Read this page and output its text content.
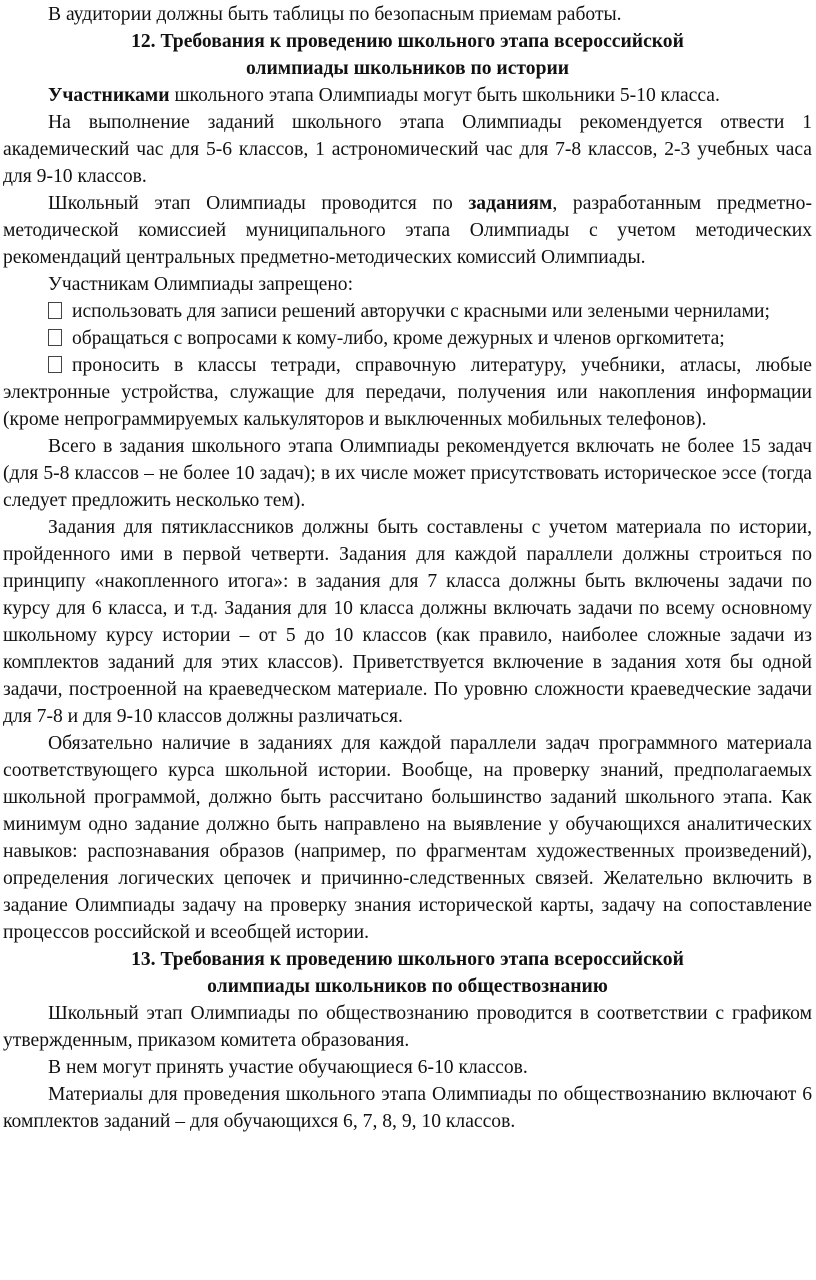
В аудитории должны быть таблицы по безопасным приемам работы.

12. Требования к проведению школьного этапа всероссийской
олимпиады школьников по истории

Участниками школьного этапа Олимпиады могут быть школьники 5-10 класса.

На выполнение заданий школьного этапа Олимпиады рекомендуется отвести 1 академический час для 5-6 классов, 1 астрономический час для 7-8 классов, 2-3 учебных часа для 9-10 классов.

Школьный этап Олимпиады проводится по заданиям, разработанным предметно-методической комиссией муниципального этапа Олимпиады с учетом методических рекомендаций центральных предметно-методических комиссий Олимпиады.

Участникам Олимпиады запрещено:

использовать для записи решений авторучки с красными или зелеными чернилами;

обращаться с вопросами к кому-либо, кроме дежурных и членов оргкомитета;

проносить в классы тетради, справочную литературу, учебники, атласы, любые электронные устройства, служащие для передачи, получения или накопления информации (кроме непрограммируемых калькуляторов и выключенных мобильных телефонов).

Всего в задания школьного этапа Олимпиады рекомендуется включать не более 15 задач (для 5-8 классов – не более 10 задач); в их числе может присутствовать историческое эссе (тогда следует предложить несколько тем).

Задания для пятиклассников должны быть составлены с учетом материала по истории, пройденного ими в первой четверти. Задания для каждой параллели должны строиться по принципу «накопленного итога»: в задания для 7 класса должны быть включены задачи по курсу для 6 класса, и т.д. Задания для 10 класса должны включать задачи по всему основному школьному курсу истории – от 5 до 10 классов (как правило, наиболее сложные задачи из комплектов заданий для этих классов). Приветствуется включение в задания хотя бы одной задачи, построенной на краеведческом материале. По уровню сложности краеведческие задачи для 7-8 и для 9-10 классов должны различаться.

Обязательно наличие в заданиях для каждой параллели задач программного материала соответствующего курса школьной истории. Вообще, на проверку знаний, предполагаемых школьной программой, должно быть рассчитано большинство заданий школьного этапа. Как минимум одно задание должно быть направлено на выявление у обучающихся аналитических навыков: распознавания образов (например, по фрагментам художественных произведений), определения логических цепочек и причинно-следственных связей. Желательно включить в задание Олимпиады задачу на проверку знания исторической карты, задачу на сопоставление процессов российской и всеобщей истории.

13. Требования к проведению школьного этапа всероссийской
олимпиады школьников по обществознанию

Школьный этап Олимпиады по обществознанию проводится в соответствии с графиком утвержденным, приказом комитета образования.

В нем могут принять участие обучающиеся 6-10 классов.

Материалы для проведения школьного этапа Олимпиады по обществознанию включают 6 комплектов заданий – для обучающихся 6, 7, 8, 9, 10 классов.
